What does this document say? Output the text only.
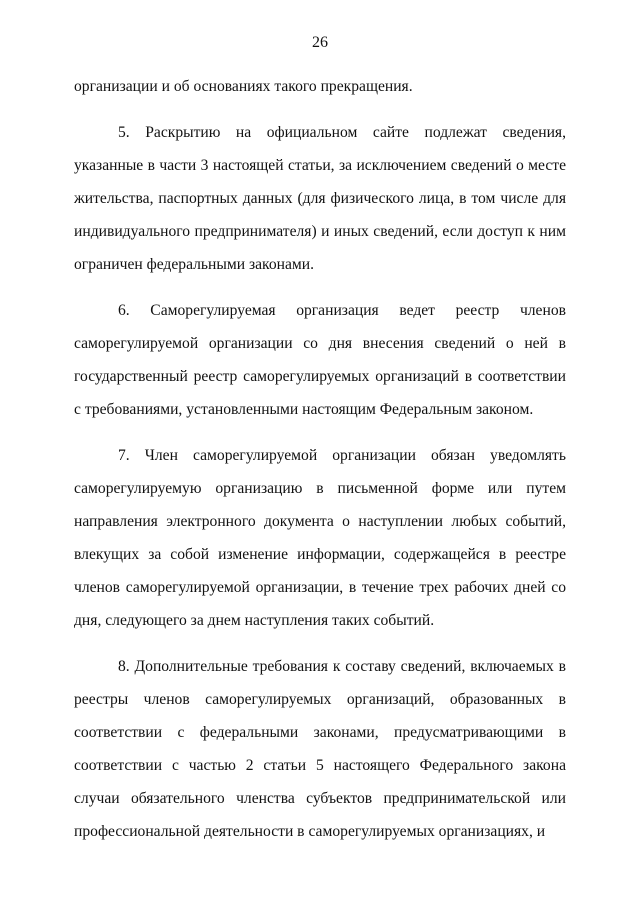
26

организации и об основаниях такого прекращения.

5. Раскрытию на официальном сайте подлежат сведения, указанные в части 3 настоящей статьи, за исключением сведений о месте жительства, паспортных данных (для физического лица, в том числе для индивидуального предпринимателя) и иных сведений, если доступ к ним ограничен федеральными законами.

6. Саморегулируемая организация ведет реестр членов саморегулируемой организации со дня внесения сведений о ней в государственный реестр саморегулируемых организаций в соответствии с требованиями, установленными настоящим Федеральным законом.

7. Член саморегулируемой организации обязан уведомлять саморегулируемую организацию в письменной форме или путем направления электронного документа о наступлении любых событий, влекущих за собой изменение информации, содержащейся в реестре членов саморегулируемой организации, в течение трех рабочих дней со дня, следующего за днем наступления таких событий.

8. Дополнительные требования к составу сведений, включаемых в реестры членов саморегулируемых организаций, образованных в соответствии с федеральными законами, предусматривающими в соответствии с частью 2 статьи 5 настоящего Федерального закона случаи обязательного членства субъектов предпринимательской или профессиональной деятельности в саморегулируемых организациях, и
